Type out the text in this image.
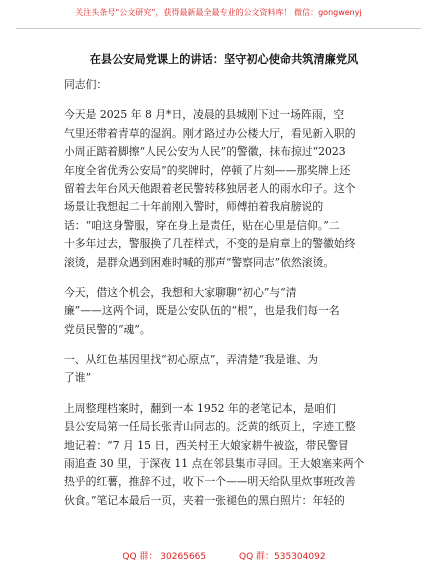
关注头条号“公文研究”，获得最新最全最专业的公文资料库！ 微信：gongwenyj
在县公安局党课上的讲话：坚守初心使命共筑清廉党风
同志们：
今天是 2025 年 8 月*日，凌晨的县城刚下过一场阵雨，空
气里还带着青草的湿润。刚才路过办公楼大厅，看见新入职的
小周正踮着脚擦“人民公安为人民”的警徽，抹布掠过“2023
年度全省优秀公安局”的奖牌时，停顿了片刻——那奖牌上还
留着去年台风天他跟着老民警转移独居老人的雨水印子。这个
场景让我想起二十年前刚入警时，师傅拍着我肩膀说的
话：“咱这身警服，穿在身上是责任，贴在心里是信仰。”二
十多年过去，警服换了几茬样式，不变的是肩章上的警徽始终
滚烫，是群众遇到困难时喊的那声“警察同志”依然滚烫。
今天，借这个机会，我想和大家聊聊“初心”与“清
廉”——这两个词，既是公安队伍的“根”，也是我们每一名
党员民警的“魂”。
一、从红色基因里找“初心原点”，弄清楚“我是谁、为
了谁”
上周整理档案时，翻到一本 1952 年的老笔记本，是咱们
县公安局第一任局长张青山同志的。泛黄的纸页上，字迹工整
地记着：“7 月 15 日，西关村王大娘家耕牛被盗，带民警冒
雨追查 30 里，于深夜 11 点在邻县集市寻回。王大娘塞来两个
热乎的红薯，推辞不过，收下一个——明天给队里炊事班改善
伙食。”笔记本最后一页，夹着一张褪色的黑白照片：年轻的
QQ 群： 30265665	QQ 群：535304092
